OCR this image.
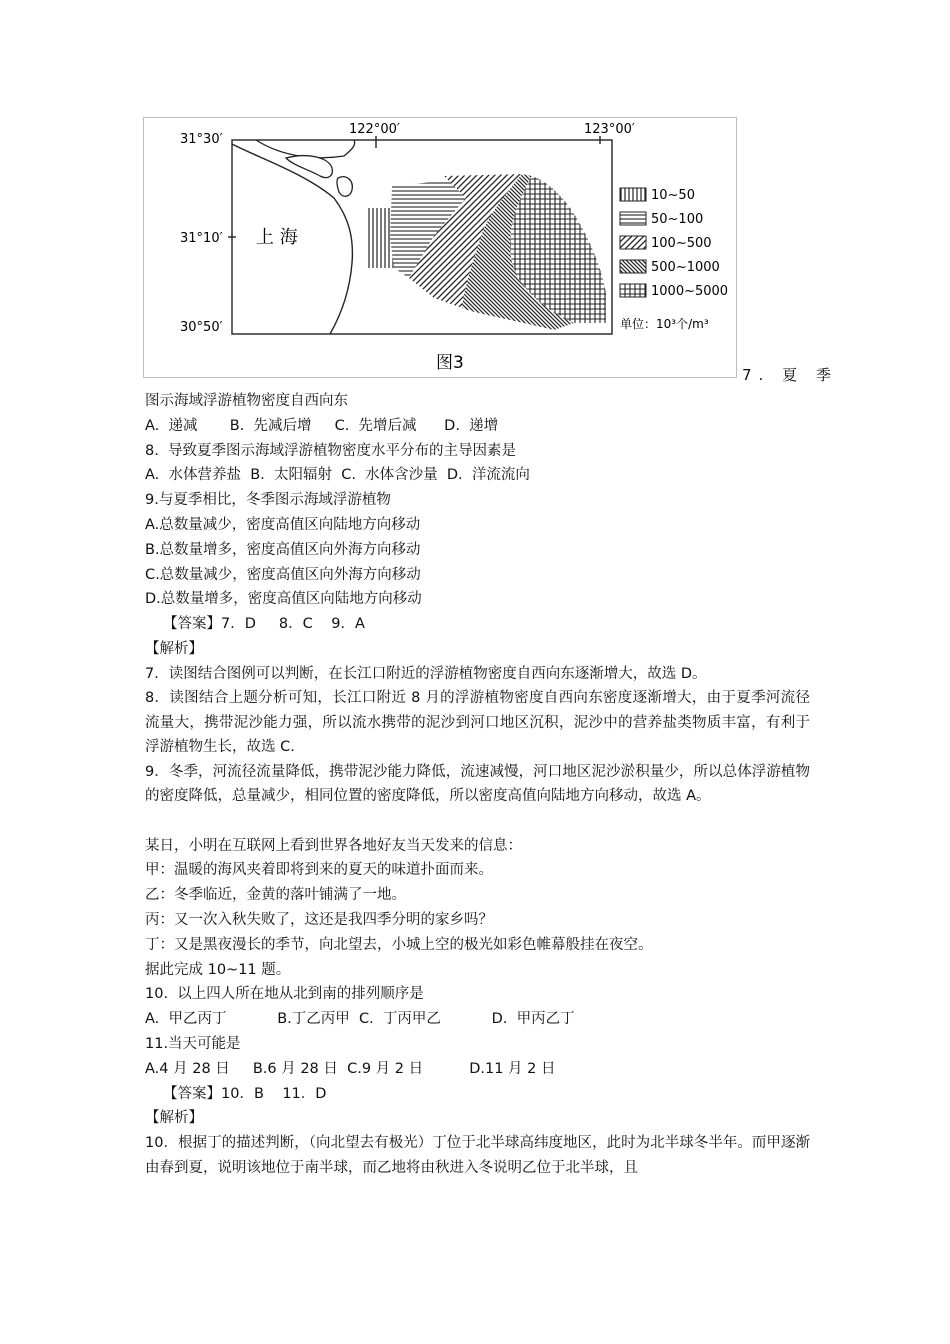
31°30′
31°10′
30°50′
122°00′	123°00′
上 海
10~50
50~100
100~500
500~1000
1000~5000
单位：10³个/m³
图3
7. 夏 季
图示海域浮游植物密度自西向东
A.  递减       B.  先减后增     C.  先增后减      D.  递增
8.  导致夏季图示海域浮游植物密度水平分布的主导因素是
A.  水体营养盐  B.  太阳辐射  C.  水体含沙量  D.  洋流流向
9.与夏季相比，冬季图示海域浮游植物
A.总数量减少，密度高值区向陆地方向移动
B.总数量增多，密度高值区向外海方向移动
C.总数量减少，密度高值区向外海方向移动
D.总数量增多，密度高值区向陆地方向移动
【答案】7．D     8．C    9．A
【解析】
7．读图结合图例可以判断，在长江口附近的浮游植物密度自西向东逐渐增大，故选 D。
8．读图结合上题分析可知，长江口附近 8 月的浮游植物密度自西向东密度逐渐增大，由于夏季河流径流量大，携带泥沙能力强，所以流水携带的泥沙到河口地区沉积，泥沙中的营养盐类物质丰富，有利于浮游植物生长，故选 C.
9．冬季，河流径流量降低，携带泥沙能力降低，流速减慢，河口地区泥沙淤积量少，所以总体浮游植物的密度降低，总量减少，相同位置的密度降低，所以密度高值向陆地方向移动，故选 A。
某日，小明在互联网上看到世界各地好友当天发来的信息：
甲：温暖的海风夹着即将到来的夏天的味道扑面而来。
乙：冬季临近，金黄的落叶铺满了一地。
丙：又一次入秋失败了，这还是我四季分明的家乡吗？
丁：又是黑夜漫长的季节，向北望去，小城上空的极光如彩色帷幕般挂在夜空。
据此完成 10~11 题。
10.  以上四人所在地从北到南的排列顺序是
A.  甲乙丙丁           B.丁乙丙甲  C.  丁丙甲乙           D.  甲丙乙丁
11.当天可能是
A.4 月 28 日     B.6 月 28 日  C.9 月 2 日          D.11 月 2 日
【答案】10．B    11．D
【解析】
10．根据丁的描述判断，（向北望去有极光）丁位于北半球高纬度地区，此时为北半球冬半年。而甲逐渐由春到夏，说明该地位于南半球，而乙地将由秋进入冬说明乙位于北半球，且
